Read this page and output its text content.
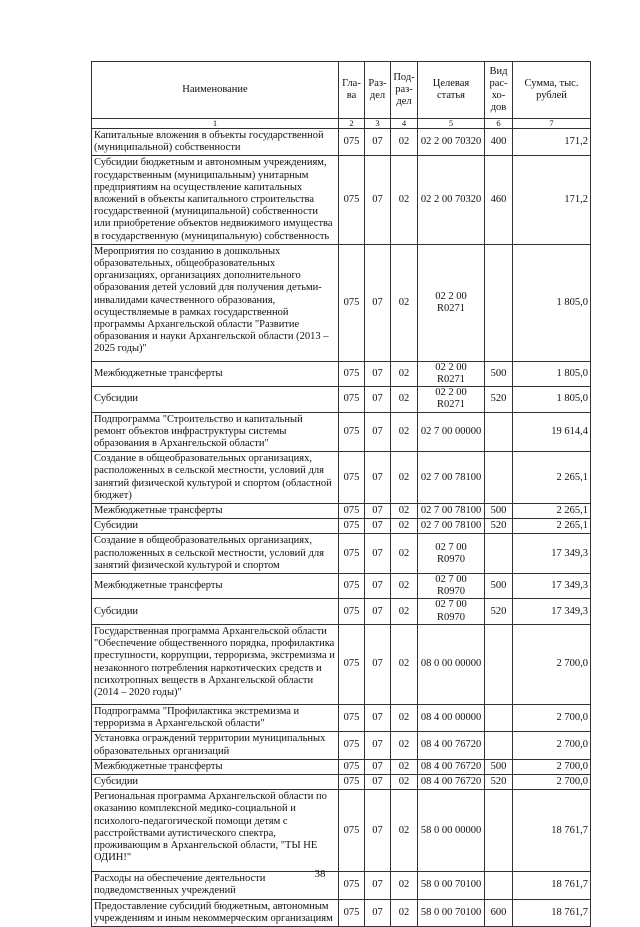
Наименование	Гла-ва	Раз-дел	Под-раз-дел	Целевая статья	Вид рас-хо-дов	Сумма, тыс. рублей
1	2	3	4	5	6	7
Капитальные вложения в объекты государственной (муниципальной) собственности	075	07	02	02 2 00 70320	400	171,2
Субсидии бюджетным и автономным учреждениям, государственным (муниципальным) унитарным предприятиям на осуществление капитальных вложений в объекты капитального строительства государственной (муниципальной) собственности или приобретение объектов недвижимого имущества в государственную (муниципальную) собственность	075	07	02	02 2 00 70320	460	171,2
Мероприятия по созданию в дошкольных образовательных, общеобразовательных организациях, организациях дополнительного образования детей условий для получения детьми-инвалидами качественного образования, осуществляемые в рамках государственной программы Архангельской области "Развитие образования и науки Архангельской области (2013 – 2025 годы)"	075	07	02	02 2 00 R0271		1 805,0
Межбюджетные трансферты	075	07	02	02 2 00 R0271	500	1 805,0
Субсидии	075	07	02	02 2 00 R0271	520	1 805,0
Подпрограмма "Строительство и капитальный ремонт объектов инфраструктуры системы образования в Архангельской области"	075	07	02	02 7 00 00000		19 614,4
Создание в общеобразовательных организациях, расположенных в сельской местности, условий для занятий физической культурой и спортом (областной бюджет)	075	07	02	02 7 00 78100		2 265,1
Межбюджетные трансферты	075	07	02	02 7 00 78100	500	2 265,1
Субсидии	075	07	02	02 7 00 78100	520	2 265,1
Создание в общеобразовательных организациях, расположенных в сельской местности, условий для занятий физической культурой и спортом	075	07	02	02 7 00 R0970		17 349,3
Межбюджетные трансферты	075	07	02	02 7 00 R0970	500	17 349,3
Субсидии	075	07	02	02 7 00 R0970	520	17 349,3
Государственная программа Архангельской области "Обеспечение общественного порядка, профилактика преступности, коррупции, терроризма, экстремизма и незаконного потребления наркотических средств и психотропных веществ в Архангельской области (2014 – 2020 годы)"	075	07	02	08 0 00 00000		2 700,0
Подпрограмма "Профилактика экстремизма и терроризма в Архангельской области"	075	07	02	08 4 00 00000		2 700,0
Установка ограждений территории муниципальных образовательных организаций	075	07	02	08 4 00 76720		2 700,0
Межбюджетные трансферты	075	07	02	08 4 00 76720	500	2 700,0
Субсидии	075	07	02	08 4 00 76720	520	2 700,0
Региональная программа Архангельской области по оказанию комплексной медико-социальной и психолого-педагогической помощи детям с расстройствами аутистического спектра, проживающим в Архангельской области, "ТЫ НЕ ОДИН!"	075	07	02	58 0 00 00000		18 761,7
Расходы на обеспечение деятельности подведомственных учреждений	075	07	02	58 0 00 70100		18 761,7
Предоставление субсидий бюджетным, автономным учреждениям и иным некоммерческим организациям	075	07	02	58 0 00 70100	600	18 761,7
38
